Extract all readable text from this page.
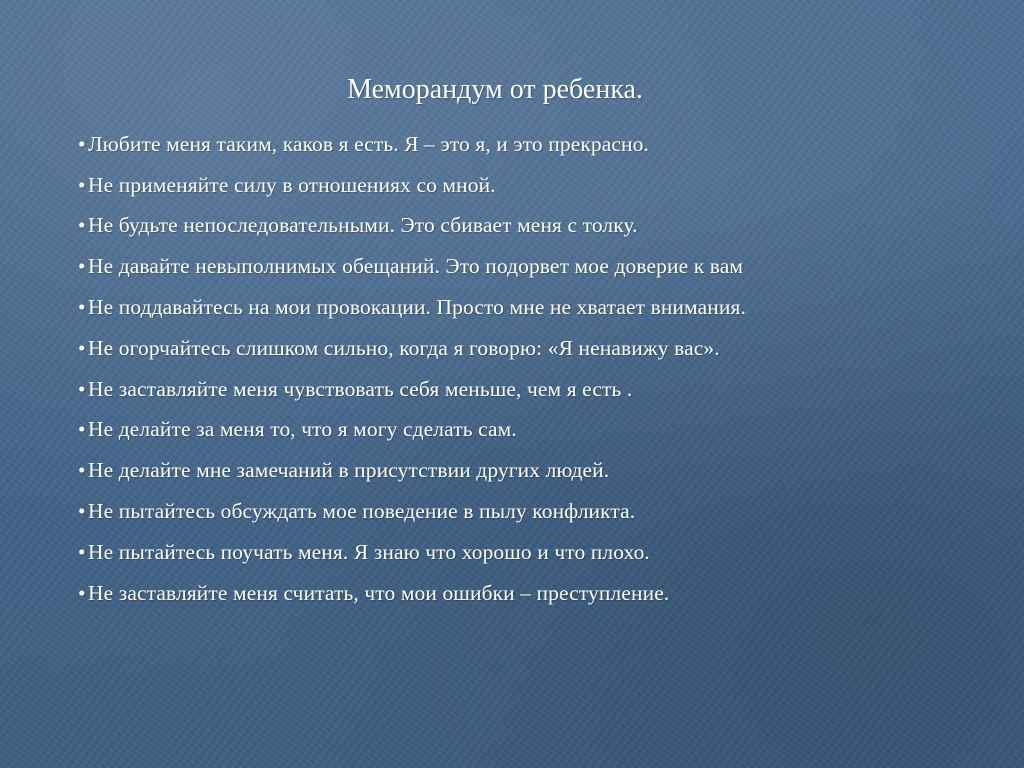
Меморандум от ребенка.
• Любите меня таким, каков я есть. Я – это я, и это прекрасно.
• Не применяйте силу в отношениях со мной.
• Не будьте непоследовательными. Это сбивает меня с толку.
• Не давайте невыполнимых обещаний. Это подорвет мое доверие к вам
• Не поддавайтесь на мои провокации. Просто мне не хватает внимания.
• Не огорчайтесь слишком сильно, когда я говорю: «Я ненавижу вас».
• Не заставляйте меня чувствовать себя меньше, чем я есть .
• Не делайте за меня то, что я могу сделать сам.
• Не делайте мне замечаний в присутствии других людей.
• Не пытайтесь обсуждать мое поведение в пылу конфликта.
• Не пытайтесь поучать меня. Я знаю что хорошо и что плохо.
• Не заставляйте меня считать, что мои ошибки – преступление.
